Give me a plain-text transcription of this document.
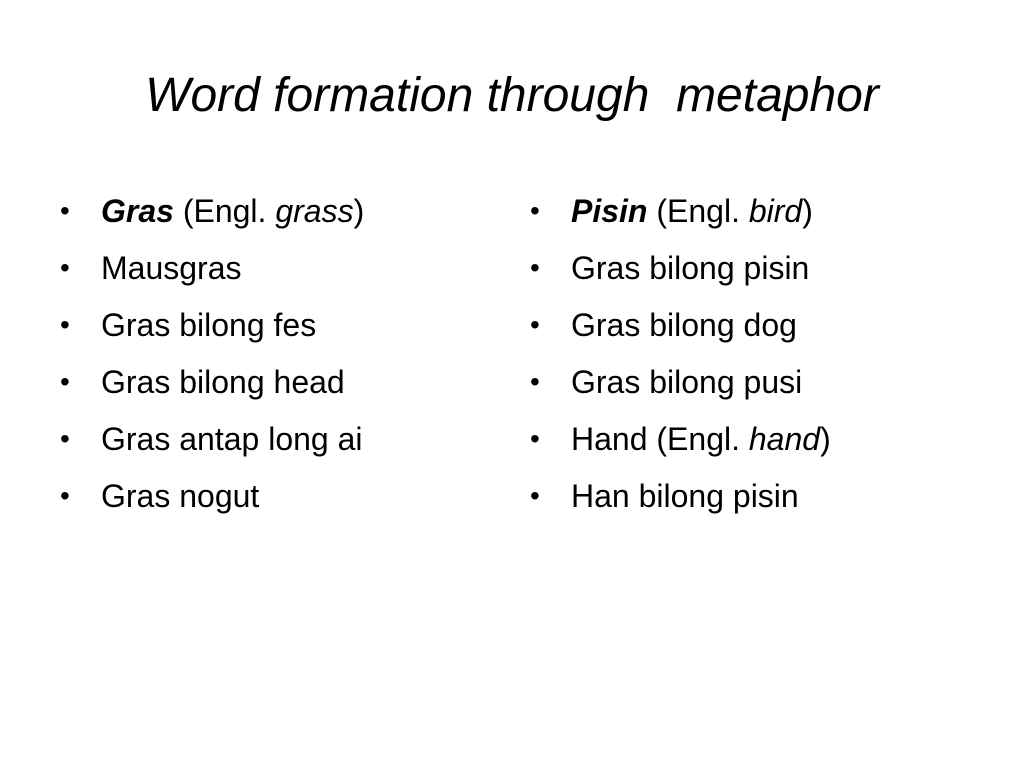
Word formation through  metaphor
• Gras (Engl. grass)
• Mausgras
• Gras bilong fes
• Gras bilong head
• Gras antap long ai
• Gras nogut
• Pisin (Engl. bird)
• Gras bilong pisin
• Gras bilong dog
• Gras bilong pusi
• Hand (Engl. hand)
• Han bilong pisin
